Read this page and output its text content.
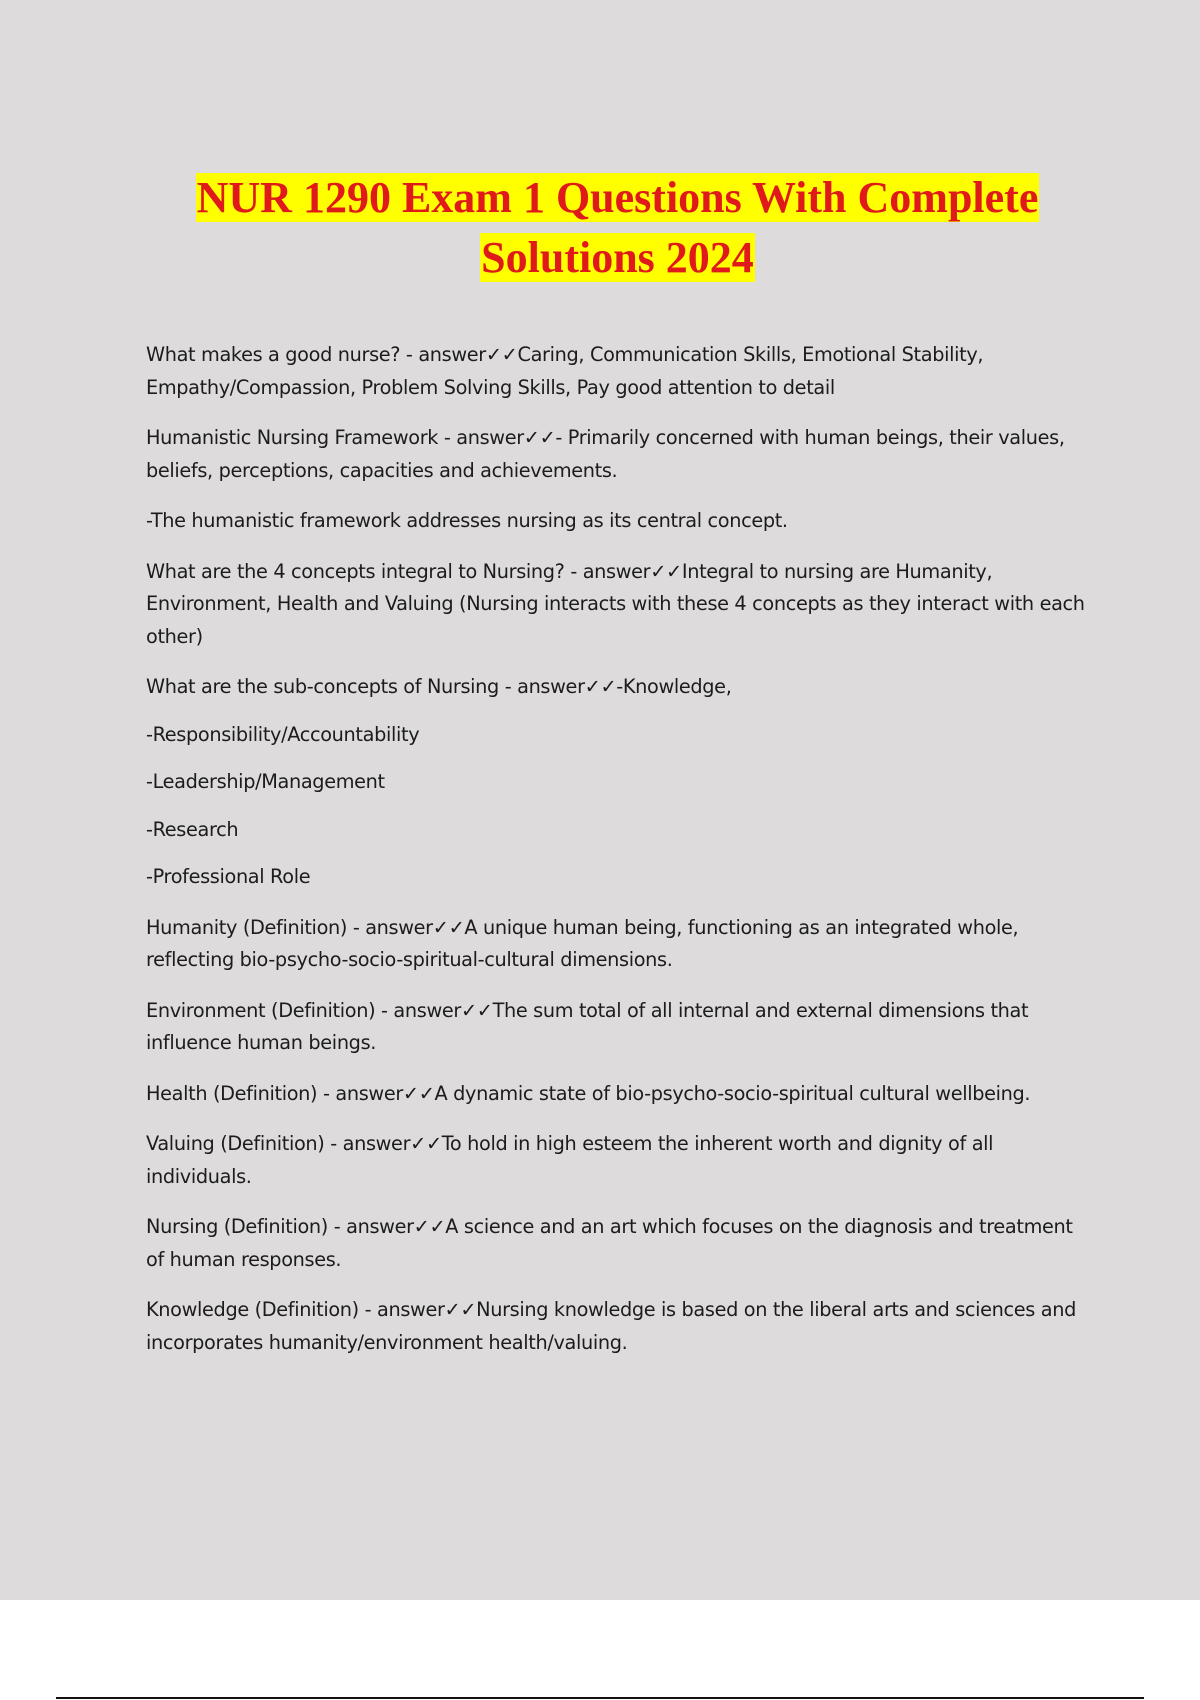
NUR 1290 Exam 1 Questions With Complete
Solutions 2024

What makes a good nurse? - answer✓✓Caring, Communication Skills, Emotional Stability, Empathy/Compassion, Problem Solving Skills, Pay good attention to detail

Humanistic Nursing Framework - answer✓✓- Primarily concerned with human beings, their values, beliefs, perceptions, capacities and achievements.

-The humanistic framework addresses nursing as its central concept.

What are the 4 concepts integral to Nursing? - answer✓✓Integral to nursing are Humanity, Environment, Health and Valuing (Nursing interacts with these 4 concepts as they interact with each other)

What are the sub-concepts of Nursing - answer✓✓-Knowledge,

-Responsibility/Accountability

-Leadership/Management

-Research

-Professional Role

Humanity (Definition) - answer✓✓A unique human being, functioning as an integrated whole, reflecting bio-psycho-socio-spiritual-cultural dimensions.

Environment (Definition) - answer✓✓The sum total of all internal and external dimensions that influence human beings.

Health (Definition) - answer✓✓A dynamic state of bio-psycho-socio-spiritual cultural wellbeing.

Valuing (Definition) - answer✓✓To hold in high esteem the inherent worth and dignity of all individuals.

Nursing (Definition) - answer✓✓A science and an art which focuses on the diagnosis and treatment of human responses.

Knowledge (Definition) - answer✓✓Nursing knowledge is based on the liberal arts and sciences and incorporates humanity/environment health/valuing.
